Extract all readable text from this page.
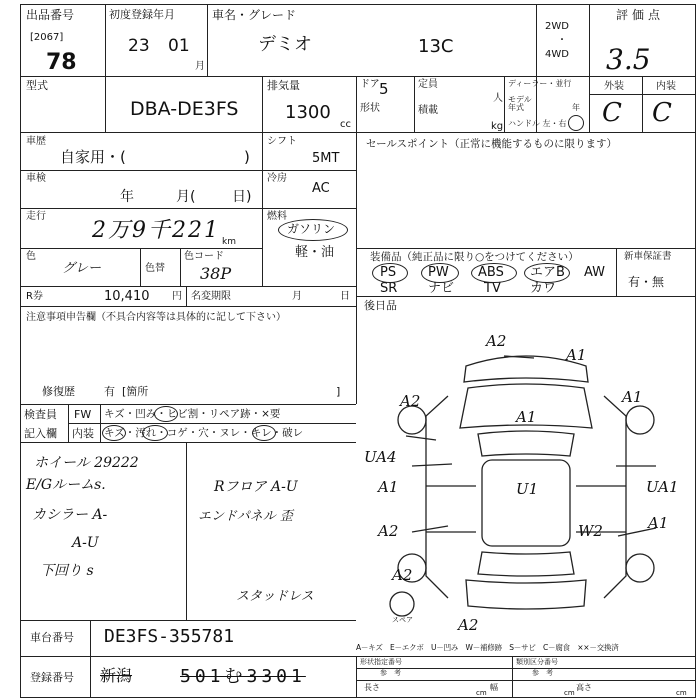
出品番号
[2067]
78
初度登録年月
23 01
月
車名・グレード
デミオ	13C
2WD
・
4WD
評価点
3.5
型式
DBA-DE3FS
排気量
1300
cc
ドア 5
形状
定員
人
積載
kg
ディーラー・並行
モデル年式	年
ハンドル 左・右
外装	内装
C C
車歴
自家用・(	)
シフト
5MT
車検
年	月(	日)
冷房
AC
走行
2万9千221 km
燃料
ガソリン
軽・油
色
グレー	色替
色コード
38P
R券	10,410 円 名変期限	月	日
注意事項申告欄（不具合内容等は具体的に記して下さい）
修復歴	有 [箇所	]
検査員
記入欄
FW キズ・凹み・ヒビ割・リペア跡・×要
内装 キズ・汚れ・コゲ・穴・ヌレ・キレ・破レ
ホイール 29222
E/Gルームs.
カシラー A-
A-U
下回り s
Rフロア A-U
エンドパネル 歪
スタッドレス
セールスポイント（正常に機能するものに限ります）
装備品（純正品に限り○をつけてください）	新車保証書
有・無
PS PW ABS エアB AW
SR ナビ TV カワ
後日品
A2
A1
A2	A1
A1
UA4
A1	U1	UA1
A2	W2	A1
A2
A2
スペア
A－キズ　E－エクボ　U－凹み　W－補修跡　S－サビ　C－腐食　××－交換済
車台番号 DE3FS-355781
登録番号 新潟	501む3301
形状指定番号
参　考
類別区分番号
参　考
長さ
cm
幅
cm
高さ
cm
